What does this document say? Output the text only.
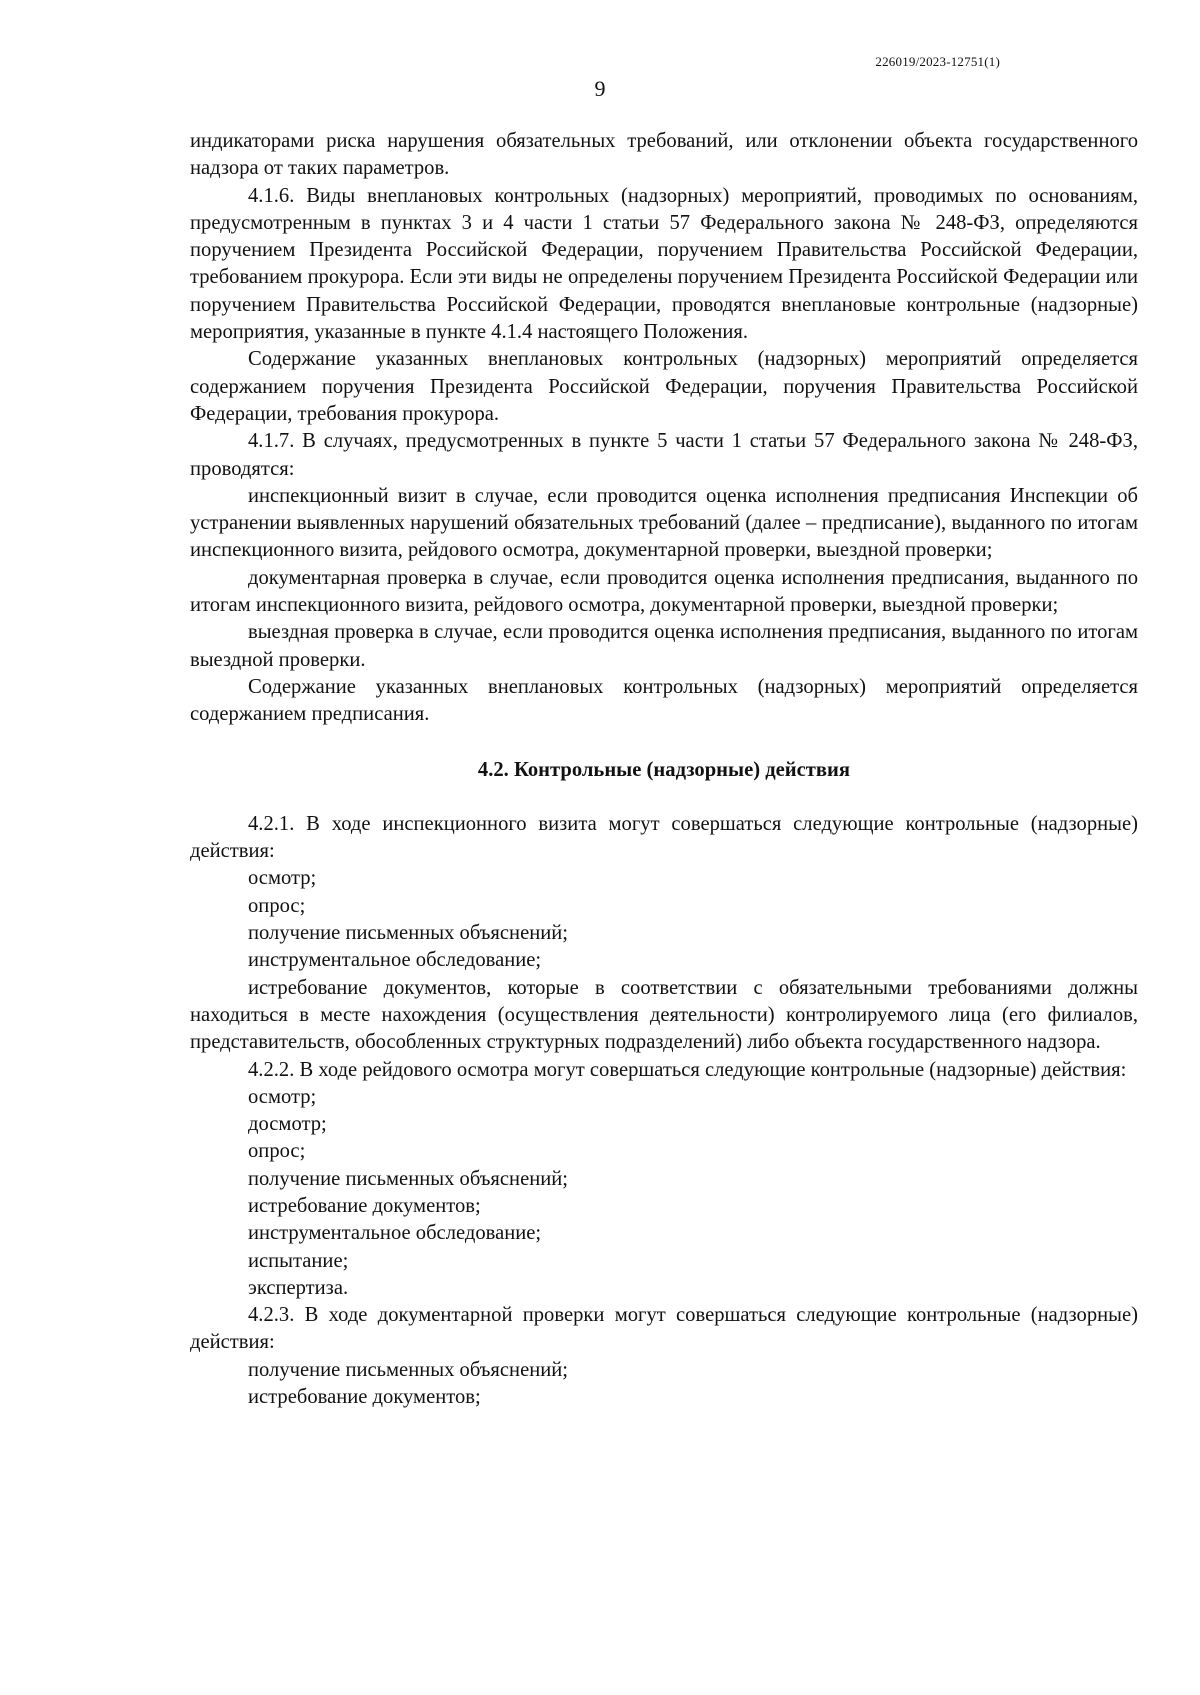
226019/2023-12751(1)
9

индикаторами риска нарушения обязательных требований, или отклонении объекта государственного надзора от таких параметров.

4.1.6. Виды внеплановых контрольных (надзорных) мероприятий, проводимых по основаниям, предусмотренным в пунктах 3 и 4 части 1 статьи 57 Федерального закона № 248-ФЗ, определяются поручением Президента Российской Федерации, поручением Правительства Российской Федерации, требованием прокурора. Если эти виды не определены поручением Президента Российской Федерации или поручением Правительства Российской Федерации, проводятся внеплановые контрольные (надзорные) мероприятия, указанные в пункте 4.1.4 настоящего Положения.

Содержание указанных внеплановых контрольных (надзорных) мероприятий определяется содержанием поручения Президента Российской Федерации, поручения Правительства Российской Федерации, требования прокурора.

4.1.7. В случаях, предусмотренных в пункте 5 части 1 статьи 57 Федерального закона № 248-ФЗ, проводятся:

инспекционный визит в случае, если проводится оценка исполнения предписания Инспекции об устранении выявленных нарушений обязательных требований (далее – предписание), выданного по итогам инспекционного визита, рейдового осмотра, документарной проверки, выездной проверки;

документарная проверка в случае, если проводится оценка исполнения предписания, выданного по итогам инспекционного визита, рейдового осмотра, документарной проверки, выездной проверки;

выездная проверка в случае, если проводится оценка исполнения предписания, выданного по итогам выездной проверки.

Содержание указанных внеплановых контрольных (надзорных) мероприятий определяется содержанием предписания.

4.2. Контрольные (надзорные) действия

4.2.1. В ходе инспекционного визита могут совершаться следующие контрольные (надзорные) действия:

осмотр;

опрос;

получение письменных объяснений;

инструментальное обследование;

истребование документов, которые в соответствии с обязательными требованиями должны находиться в месте нахождения (осуществления деятельности) контролируемого лица (его филиалов, представительств, обособленных структурных подразделений) либо объекта государственного надзора.

4.2.2. В ходе рейдового осмотра могут совершаться следующие контрольные (надзорные) действия:

осмотр;

досмотр;

опрос;

получение письменных объяснений;

истребование документов;

инструментальное обследование;

испытание;

экспертиза.

4.2.3. В ходе документарной проверки могут совершаться следующие контрольные (надзорные) действия:

получение письменных объяснений;

истребование документов;
